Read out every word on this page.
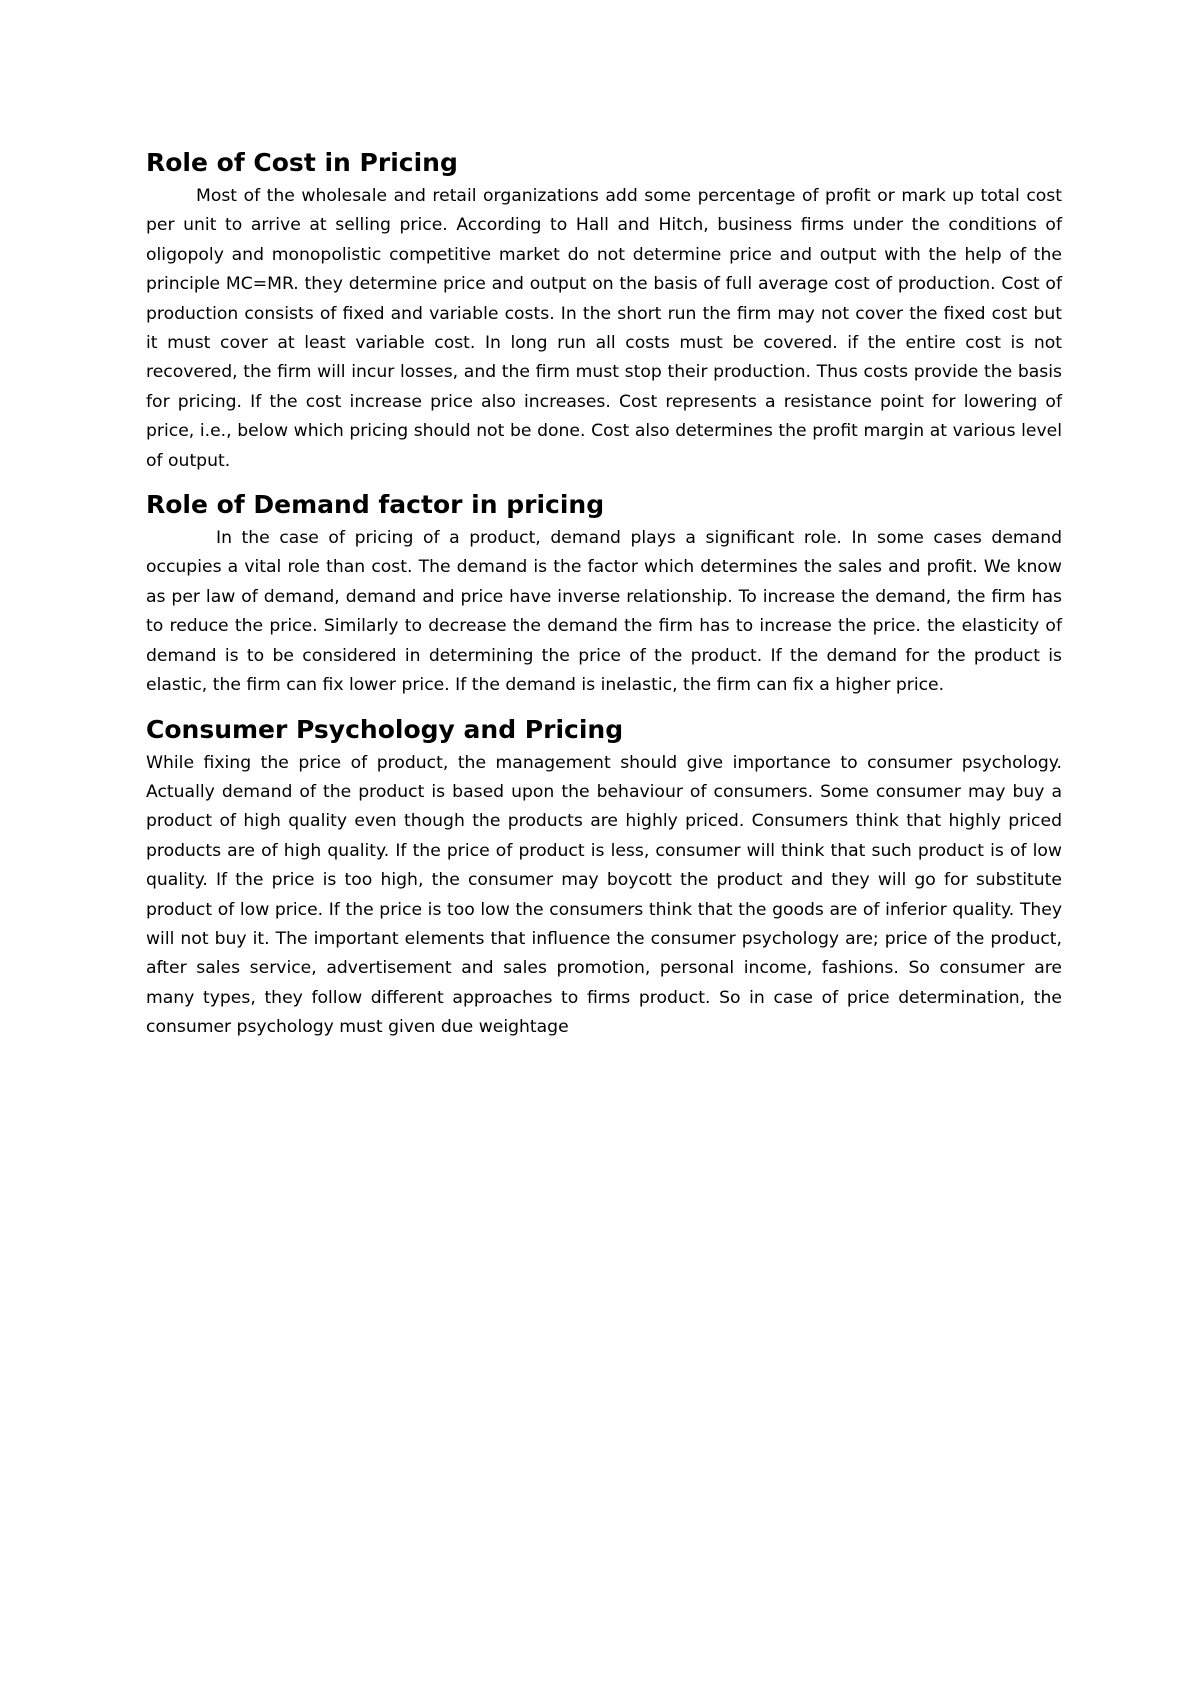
Role of Cost in Pricing

Most of the wholesale and retail organizations add some percentage of profit or mark up total cost per unit to arrive at selling price. According to Hall and Hitch, business firms under the conditions of oligopoly and monopolistic competitive market do not determine price and output with the help of the principle MC=MR. they determine price and output on the basis of full average cost of production. Cost of production consists of fixed and variable costs. In the short run the firm may not cover the fixed cost but it must cover at least variable cost. In long run all costs must be covered. if the entire cost is not recovered, the firm will incur losses, and the firm must stop their production. Thus costs provide the basis for pricing. If the cost increase price also increases. Cost represents a resistance point for lowering of price, i.e., below which pricing should not be done. Cost also determines the profit margin at various level of output.

Role of Demand factor in pricing

In the case of pricing of a product, demand plays a significant role. In some cases demand occupies a vital role than cost. The demand is the factor which determines the sales and profit. We know as per law of demand, demand and price have inverse relationship. To increase the demand, the firm has to reduce the price. Similarly to decrease the demand the firm has to increase the price. the elasticity of demand is to be considered in determining the price of the product. If the demand for the product is elastic, the firm can fix lower price. If the demand is inelastic, the firm can fix a higher price.

Consumer Psychology and Pricing

While fixing the price of product, the management should give importance to consumer psychology. Actually demand of the product is based upon the behaviour of consumers. Some consumer may buy a product of high quality even though the products are highly priced. Consumers think that highly priced products are of high quality. If the price of product is less, consumer will think that such product is of low quality. If the price is too high, the consumer may boycott the product and they will go for substitute product of low price. If the price is too low the consumers think that the goods are of inferior quality. They will not buy it. The important elements that influence the consumer psychology are; price of the product, after sales service, advertisement and sales promotion, personal income, fashions. So consumer are many types, they follow different approaches to firms product. So in case of price determination, the consumer psychology must given due weightage
